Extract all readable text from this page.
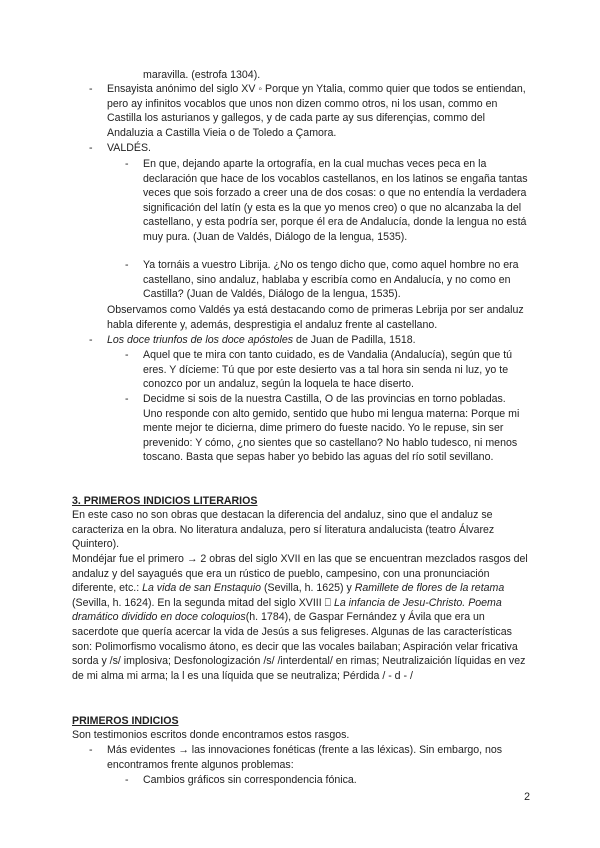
maravilla. (estrofa 1304).
- Ensayista anónimo del siglo XV ◦ Porque yn Ytalia, commo quier que todos se entiendan, pero ay infinitos vocablos que unos non dizen commo otros, ni los usan, commo en Castilla los asturianos y gallegos, y de cada parte ay sus diferençias, commo del Andaluzia a Castilla Vieia o de Toledo a Çamora.
- VALDÉS.
- En que, dejando aparte la ortografía, en la cual muchas veces peca en la declaración que hace de los vocablos castellanos, en los latinos se engaña tantas veces que sois forzado a creer una de dos cosas: o que no entendía la verdadera significación del latín (y esta es la que yo menos creo) o que no alcanzaba la del castellano, y esta podría ser, porque él era de Andalucía, donde la lengua no está muy pura. (Juan de Valdés, Diálogo de la lengua, 1535).
- Ya tornáis a vuestro Librija. ¿No os tengo dicho que, como aquel hombre no era castellano, sino andaluz, hablaba y escribía como en Andalucía, y no como en Castilla? (Juan de Valdés, Diálogo de la lengua, 1535).
Observamos como Valdés ya está destacando como de primeras Lebrija por ser andaluz habla diferente y, además, desprestigia el andaluz frente al castellano.
- Los doce triunfos de los doce apóstoles de Juan de Padilla, 1518.
- Aquel que te mira con tanto cuidado, es de Vandalia (Andalucía), según que tú eres. Y dícieme: Tú que por este desierto vas a tal hora sin senda ni luz, yo te conozco por un andaluz, según la loquela te hace diserto.
- Decidme si sois de la nuestra Castilla, O de las provincias en torno pobladas. Uno responde con alto gemido, sentido que hubo mi lengua materna: Porque mi mente mejor te dicierna, dime primero do fueste nacido. Yo le repuse, sin ser prevenido: Y cómo, ¿no sientes que so castellano? No hablo tudesco, ni menos toscano. Basta que sepas haber yo bebido las aguas del río sotil sevillano.
3. PRIMEROS INDICIOS LITERARIOS
En este caso no son obras que destacan la diferencia del andaluz, sino que el andaluz se caracteriza en la obra. No literatura andaluza, pero sí literatura andalucista (teatro Álvarez Quintero).
Mondéjar fue el primero → 2 obras del siglo XVII en las que se encuentran mezclados rasgos del andaluz y del sayagués que era un rústico de pueblo, campesino, con una pronunciación diferente, etc.: La vida de san Enstaquio (Sevilla, h. 1625) y Ramillete de flores de la retama (Sevilla, h. 1624). En la segunda mitad del siglo XVIII ⎕ La infancia de Jesu-Christo. Poema dramático dividido en doce coloquios(h. 1784), de Gaspar Fernández y Ávila que era un sacerdote que quería acercar la vida de Jesús a sus feligreses. Algunas de las características son: Polimorfismo vocalismo átono, es decir que las vocales bailaban; Aspiración velar fricativa sorda y /s/ implosiva; Desfonologización /s/ /interdental/ en rimas; Neutralizaición líquidas en vez de mi alma mi arma; la l es una líquida que se neutraliza; Pérdida / - d - /
PRIMEROS INDICIOS
Son testimonios escritos donde encontramos estos rasgos.
- Más evidentes → las innovaciones fonéticas (frente a las léxicas). Sin embargo, nos encontramos frente algunos problemas:
- Cambios gráficos sin correspondencia fónica.
2
